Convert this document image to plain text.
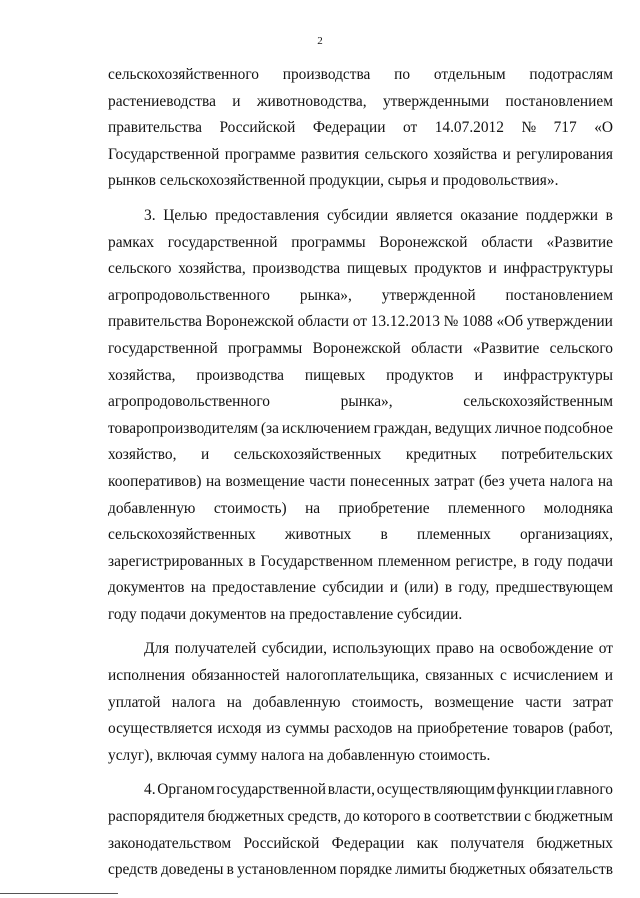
2
сельскохозяйственного производства по отдельным подотраслям
растениеводства и животноводства, утвержденными постановлением
правительства Российской Федерации от 14.07.2012 № 717 «О
Государственной программе развития сельского хозяйства и регулирования
рынков сельскохозяйственной продукции, сырья и продовольствия».
3. Целью предоставления субсидии является оказание поддержки в
рамках государственной программы Воронежской области «Развитие
сельского хозяйства, производства пищевых продуктов и инфраструктуры
агропродовольственного рынка», утвержденной постановлением
правительства Воронежской области от 13.12.2013 № 1088 «Об утверждении
государственной программы Воронежской области «Развитие сельского
хозяйства, производства пищевых продуктов и инфраструктуры
агропродовольственного	рынка»,	сельскохозяйственным
товаропроизводителям (за исключением граждан, ведущих личное подсобное
хозяйство, и сельскохозяйственных кредитных потребительских
кооперативов) на возмещение части понесенных затрат (без учета налога на
добавленную стоимость) на приобретение племенного молодняка
сельскохозяйственных животных в племенных организациях,
зарегистрированных в Государственном племенном регистре, в году подачи
документов на предоставление субсидии и (или) в году, предшествующем
году подачи документов на предоставление субсидии.
Для получателей субсидии, использующих право на освобождение от
исполнения обязанностей налогоплательщика, связанных с исчислением и
уплатой налога на добавленную стоимость, возмещение части затрат
осуществляется исходя из суммы расходов на приобретение товаров (работ,
услуг), включая сумму налога на добавленную стоимость.
4. Органом государственной власти, осуществляющим функции главного
распорядителя бюджетных средств, до которого в соответствии с бюджетным
законодательством Российской Федерации как получателя бюджетных
средств доведены в установленном порядке лимиты бюджетных обязательств
